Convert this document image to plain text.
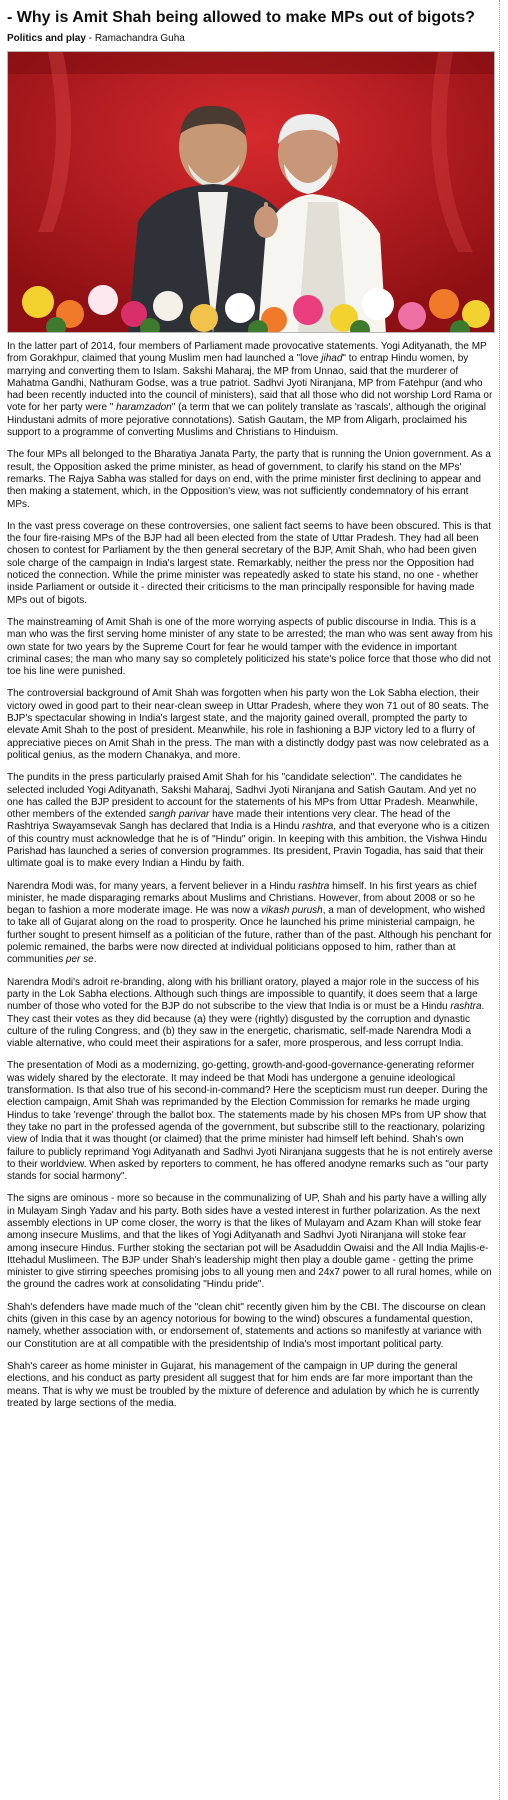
- Why is Amit Shah being allowed to make MPs out of bigots?
Politics and play - Ramachandra Guha

In the latter part of 2014, four members of Parliament made provocative statements. Yogi Adityanath, the MP from Gorakhpur, claimed that young Muslim men had launched a "love jihad" to entrap Hindu women, by marrying and converting them to Islam. Sakshi Maharaj, the MP from Unnao, said that the murderer of Mahatma Gandhi, Nathuram Godse, was a true patriot. Sadhvi Jyoti Niranjana, MP from Fatehpur (and who had been recently inducted into the council of ministers), said that all those who did not worship Lord Rama or vote for her party were " haramzadon" (a term that we can politely translate as 'rascals', although the original Hindustani admits of more pejorative connotations). Satish Gautam, the MP from Aligarh, proclaimed his support to a programme of converting Muslims and Christians to Hinduism.

The four MPs all belonged to the Bharatiya Janata Party, the party that is running the Union government. As a result, the Opposition asked the prime minister, as head of government, to clarify his stand on the MPs' remarks. The Rajya Sabha was stalled for days on end, with the prime minister first declining to appear and then making a statement, which, in the Opposition's view, was not sufficiently condemnatory of his errant MPs.

In the vast press coverage on these controversies, one salient fact seems to have been obscured. This is that the four fire-raising MPs of the BJP had all been elected from the state of Uttar Pradesh. They had all been chosen to contest for Parliament by the then general secretary of the BJP, Amit Shah, who had been given sole charge of the campaign in India's largest state. Remarkably, neither the press nor the Opposition had noticed the connection. While the prime minister was repeatedly asked to state his stand, no one - whether inside Parliament or outside it - directed their criticisms to the man principally responsible for having made MPs out of bigots.

The mainstreaming of Amit Shah is one of the more worrying aspects of public discourse in India. This is a man who was the first serving home minister of any state to be arrested; the man who was sent away from his own state for two years by the Supreme Court for fear he would tamper with the evidence in important criminal cases; the man who many say so completely politicized his state's police force that those who did not toe his line were punished.

The controversial background of Amit Shah was forgotten when his party won the Lok Sabha election, their victory owed in good part to their near-clean sweep in Uttar Pradesh, where they won 71 out of 80 seats. The BJP's spectacular showing in India's largest state, and the majority gained overall, prompted the party to elevate Amit Shah to the post of president. Meanwhile, his role in fashioning a BJP victory led to a flurry of appreciative pieces on Amit Shah in the press. The man with a distinctly dodgy past was now celebrated as a political genius, as the modern Chanakya, and more.

The pundits in the press particularly praised Amit Shah for his "candidate selection". The candidates he selected included Yogi Adityanath, Sakshi Maharaj, Sadhvi Jyoti Niranjana and Satish Gautam. And yet no one has called the BJP president to account for the statements of his MPs from Uttar Pradesh. Meanwhile, other members of the extended sangh parivar have made their intentions very clear. The head of the Rashtriya Swayamsevak Sangh has declared that India is a Hindu rashtra, and that everyone who is a citizen of this country must acknowledge that he is of "Hindu" origin. In keeping with this ambition, the Vishwa Hindu Parishad has launched a series of conversion programmes. Its president, Pravin Togadia, has said that their ultimate goal is to make every Indian a Hindu by faith.

Narendra Modi was, for many years, a fervent believer in a Hindu rashtra himself. In his first years as chief minister, he made disparaging remarks about Muslims and Christians. However, from about 2008 or so he began to fashion a more moderate image. He was now a vikash purush, a man of development, who wished to take all of Gujarat along on the road to prosperity. Once he launched his prime ministerial campaign, he further sought to present himself as a politician of the future, rather than of the past. Although his penchant for polemic remained, the barbs were now directed at individual politicians opposed to him, rather than at communities per se.

Narendra Modi's adroit re-branding, along with his brilliant oratory, played a major role in the success of his party in the Lok Sabha elections. Although such things are impossible to quantify, it does seem that a large number of those who voted for the BJP do not subscribe to the view that India is or must be a Hindu rashtra. They cast their votes as they did because (a) they were (rightly) disgusted by the corruption and dynastic culture of the ruling Congress, and (b) they saw in the energetic, charismatic, self-made Narendra Modi a viable alternative, who could meet their aspirations for a safer, more prosperous, and less corrupt India.

The presentation of Modi as a modernizing, go-getting, growth-and-good-governance-generating reformer was widely shared by the electorate. It may indeed be that Modi has undergone a genuine ideological transformation. Is that also true of his second-in-command? Here the scepticism must run deeper. During the election campaign, Amit Shah was reprimanded by the Election Commission for remarks he made urging Hindus to take 'revenge' through the ballot box. The statements made by his chosen MPs from UP show that they take no part in the professed agenda of the government, but subscribe still to the reactionary, polarizing view of India that it was thought (or claimed) that the prime minister had himself left behind. Shah's own failure to publicly reprimand Yogi Adityanath and Sadhvi Jyoti Niranjana suggests that he is not entirely averse to their worldview. When asked by reporters to comment, he has offered anodyne remarks such as "our party stands for social harmony".

The signs are ominous - more so because in the communalizing of UP, Shah and his party have a willing ally in Mulayam Singh Yadav and his party. Both sides have a vested interest in further polarization. As the next assembly elections in UP come closer, the worry is that the likes of Mulayam and Azam Khan will stoke fear among insecure Muslims, and that the likes of Yogi Adityanath and Sadhvi Jyoti Niranjana will stoke fear among insecure Hindus. Further stoking the sectarian pot will be Asaduddin Owaisi and the All India Majlis-e-Ittehadul Muslimeen. The BJP under Shah's leadership might then play a double game - getting the prime minister to give stirring speeches promising jobs to all young men and 24x7 power to all rural homes, while on the ground the cadres work at consolidating "Hindu pride".

Shah's defenders have made much of the "clean chit" recently given him by the CBI. The discourse on clean chits (given in this case by an agency notorious for bowing to the wind) obscures a fundamental question, namely, whether association with, or endorsement of, statements and actions so manifestly at variance with our Constitution are at all compatible with the presidentship of India's most important political party.

Shah's career as home minister in Gujarat, his management of the campaign in UP during the general elections, and his conduct as party president all suggest that for him ends are far more important than the means. That is why we must be troubled by the mixture of deference and adulation by which he is currently treated by large sections of the media.
